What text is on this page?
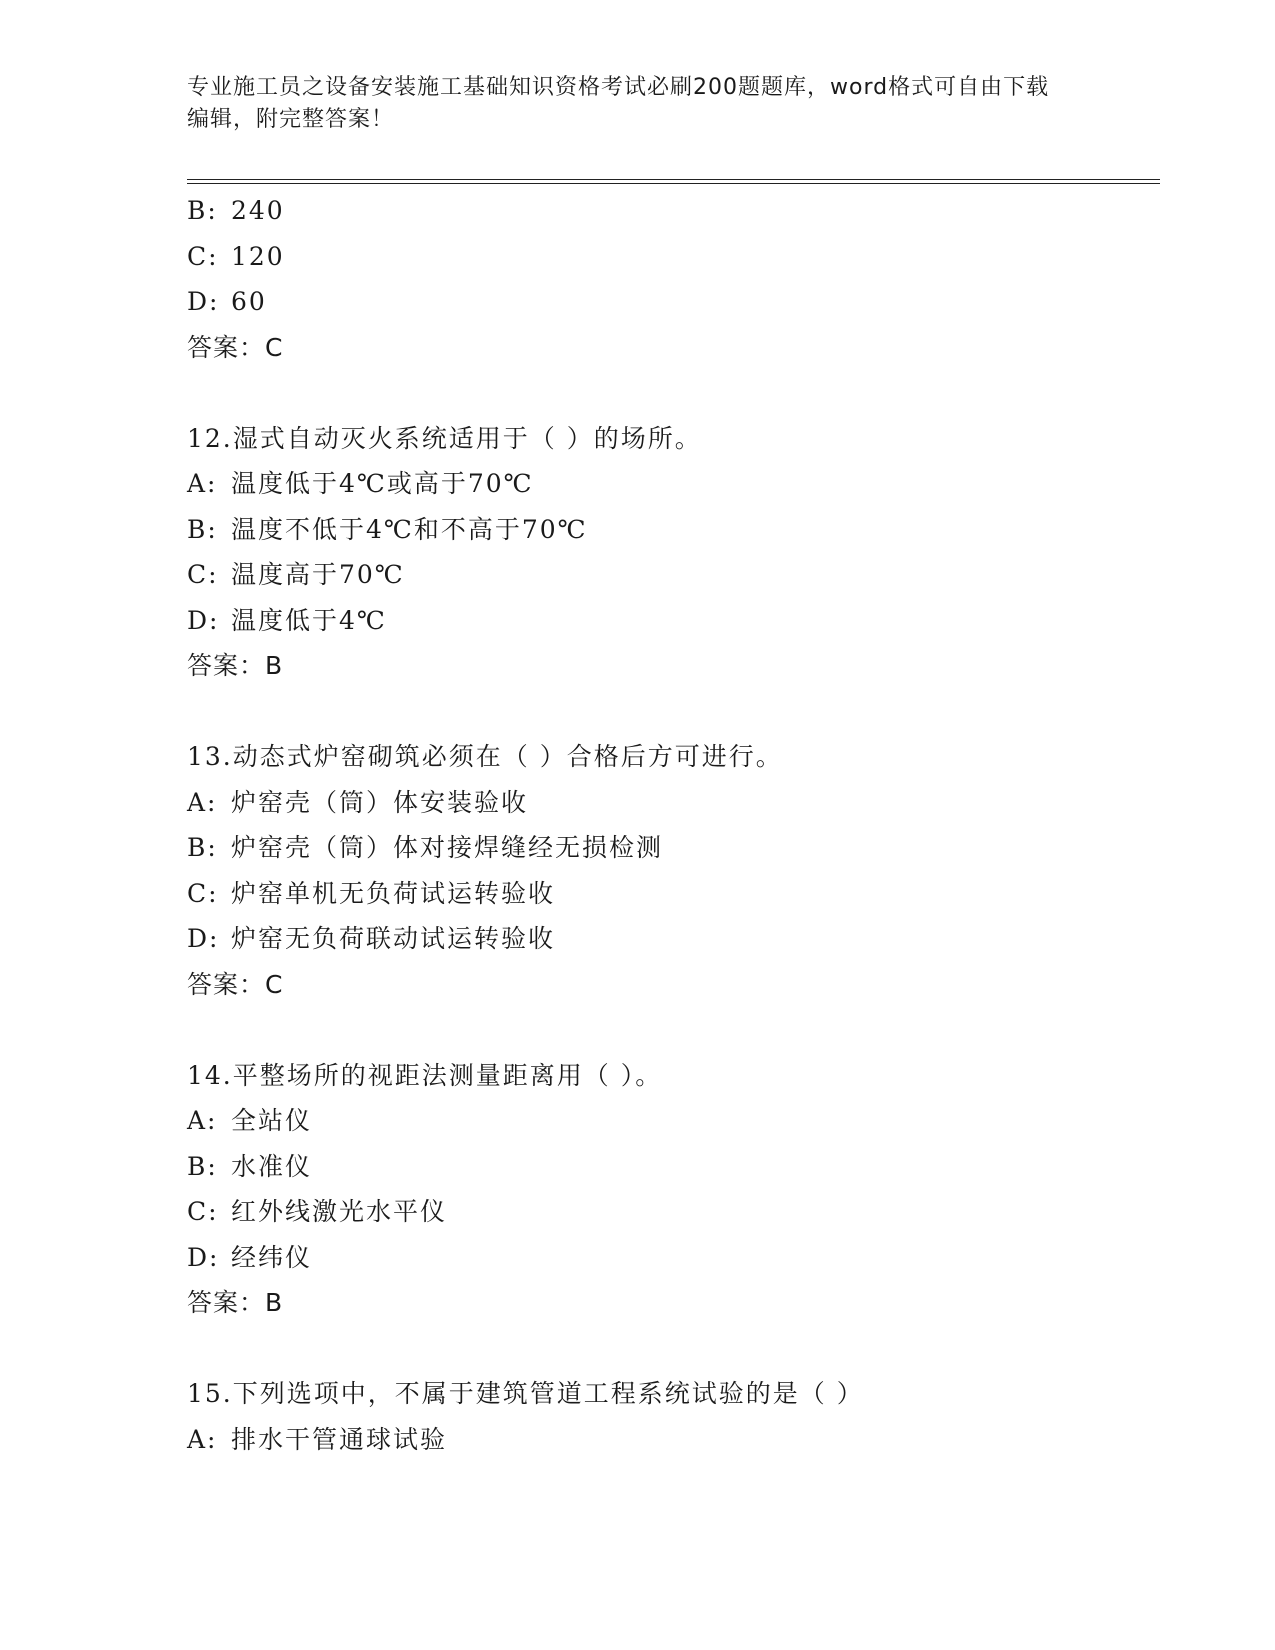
专业施工员之设备安装施工基础知识资格考试必刷200题题库，word格式可自由下载编辑，附完整答案！
B: 240
C: 120
D: 60
答案：C
12.湿式自动灭火系统适用于（ ）的场所。
A: 温度低于4℃或高于70℃
B: 温度不低于4℃和不高于70℃
C: 温度高于70℃
D: 温度低于4℃
答案：B
13.动态式炉窑砌筑必须在（ ）合格后方可进行。
A: 炉窑壳（筒）体安装验收
B: 炉窑壳（筒）体对接焊缝经无损检测
C: 炉窑单机无负荷试运转验收
D: 炉窑无负荷联动试运转验收
答案：C
14.平整场所的视距法测量距离用（ ）。
A: 全站仪
B: 水准仪
C: 红外线激光水平仪
D: 经纬仪
答案：B
15.下列选项中，不属于建筑管道工程系统试验的是（ ）
A: 排水干管通球试验
